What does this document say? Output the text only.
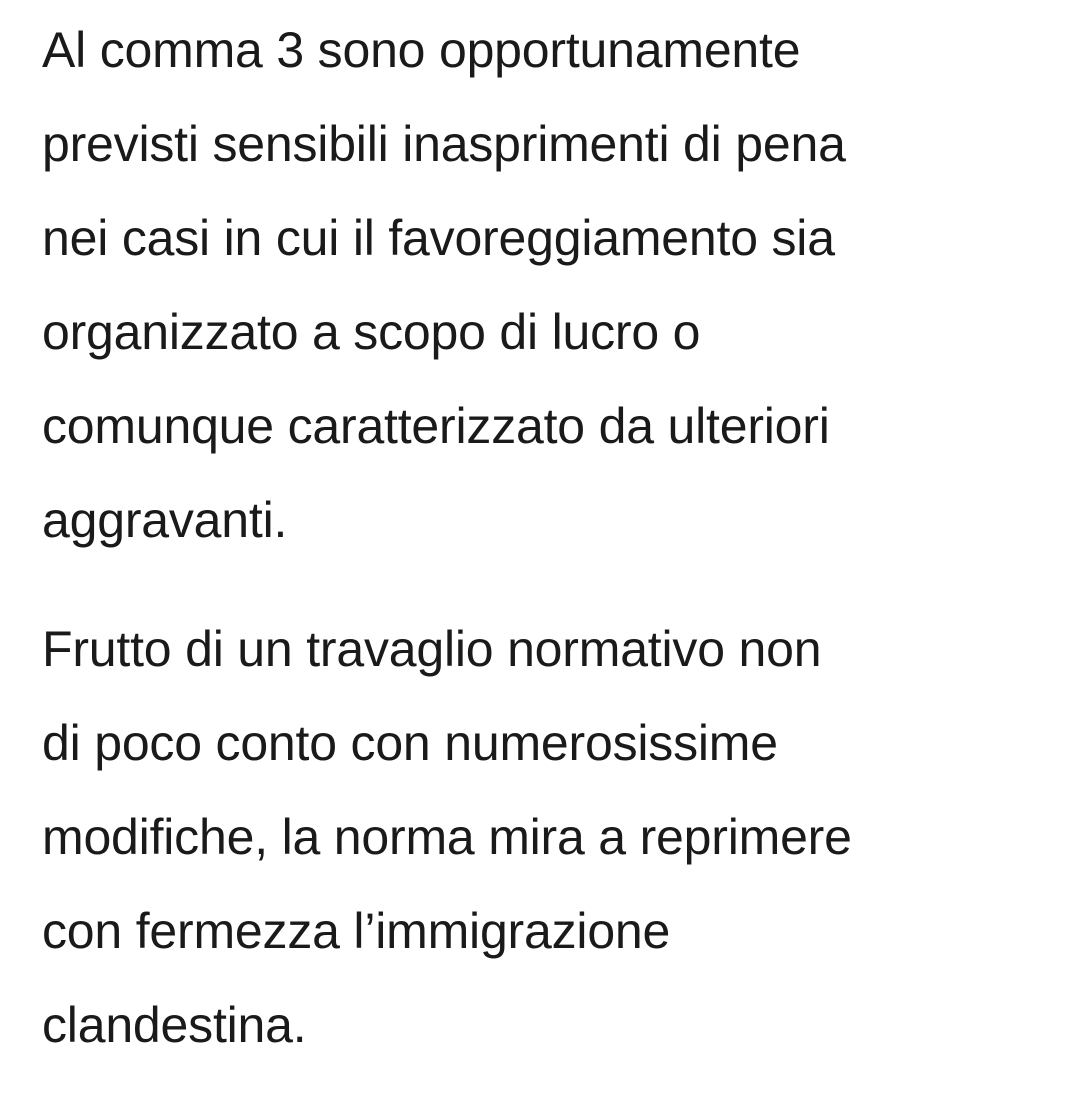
Al comma 3 sono opportunamente
previsti sensibili inasprimenti di pena
nei casi in cui il favoreggiamento sia
organizzato a scopo di lucro o
comunque caratterizzato da ulteriori
aggravanti.

Frutto di un travaglio normativo non
di poco conto con numerosissime
modifiche, la norma mira a reprimere
con fermezza l’immigrazione
clandestina.
